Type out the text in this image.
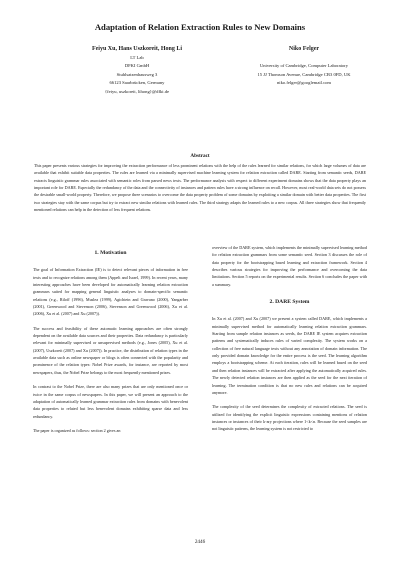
Adaptation of Relation Extraction Rules to New Domains
Feiyu Xu, Hans Uszkoreit, Hong Li
LT Lab
DFKI GmbH
Stuhlsatzenhausweg 3
66123 Saarbrücken, Germany
{feiyu, uszkoreit, lihong}@dfki.de
Niko Felger
University of Cambridge, Computer Laboratory
15 JJ Thomson Avenue, Cambridge CB3 0FD, UK
niko.felger@googlemail.com
Abstract
This paper presents various strategies for improving the extraction performance of less prominent relations with the help of the rules learned for similar relations, for which large volumes of data are available that exhibit suitable data properties. The rules are learned via a minimally supervised machine learning system for relation extraction called DARE. Starting from semantic seeds, DARE extracts linguistic grammar rules associated with semantic roles from parsed news texts. The performance analysis with respect to different experiment domains shows that the data property plays an important role for DARE. Especially the redundancy of the data and the connectivity of instances and pattern rules have a strong influence on recall. However, most real-world data sets do not possess the desirable small-world property. Therefore, we propose three scenarios to overcome the data property problem of some domains by exploiting a similar domain with better data properties. The first two strategies stay with the same corpus but try to extract new similar relations with learned rules. The third strategy adapts the learned rules to a new corpus. All three strategies show that frequently mentioned relations can help in the detection of less frequent relations.
1. Motivation

The goal of Information Extraction (IE) is to detect relevant pieces of information in free texts and to recognize relations among them (Appelt and Israel, 1999). In recent years, many interesting approaches have been developed for automatically learning relation extraction grammars suited for mapping general linguistic analyses to domain-specific semantic relations (e.g., Riloff (1996), Muslea (1999), Agichtein and Gravano (2000), Yangarber (2001), Greenwood and Stevenson (2006), Stevenson and Greenwood (2006), Xu et al. (2006), Xu et al. (2007) and Xu (2007)).

The success and feasibility of these automatic learning approaches are often strongly dependent on the available data sources and their properties. Data redundancy is particularly relevant for minimally supervised or unsupervised methods (e.g., Jones (2005), Xu et al. (2007), Uszkoreit (2007) and Xu (2007)). In practice, the distribution of relation types in the available data such as online newspaper or blogs is often connected with the popularity and prominence of the relation types: Nobel Prize awards, for instance, are reported by most newspapers, thus, the Nobel Prize belongs to the most frequently mentioned prizes.

In contrast to the Nobel Prize, there are also many prizes that are only mentioned once or twice in the same corpus of newspapers. In this paper, we will present an approach to the adaptation of automatically learned grammar extraction rules from domains with benevolent data properties to related but less benevolent domains exhibiting sparse data and less redundancy.

The paper is organized as follows: section 2 gives an

overview of the DARE system, which implements the minimally supervised learning method for relation extraction grammars from some semantic seed. Section 3 discusses the role of data property for the bootstrapping based learning and extraction framework. Section 4 describes various strategies for improving the performance and overcoming the data limitations. Section 5 reports on the experimental results. Section 6 concludes the paper with a summary.

2. DARE System

In Xu et al. (2007) and Xu (2007) we present a system called DARE, which implements a minimally supervised method for automatically learning relation extraction grammars. Starting from sample relation instances as seeds, the DARE IE system acquires extraction patterns and systematically induces rules of varied complexity. The system works on a collection of free natural language texts without any annotation of domain information. The only provided domain knowledge for the entire process is the seed. The learning algorithm employs a bootstrapping scheme. At each iteration, rules will be learned based on the seed and then relation instances will be extracted after applying the automatically acquired rules. The newly detected relation instances are then applied as the seed for the next iteration of learning. The termination condition is that no new rules and relations can be acquired anymore.

The complexity of the seed determines the complexity of extracted relations. The seed is utilized for identifying the explicit linguistic expressions containing mentions of relation instances or instances of their k-ary projections where 1<k<n. Because the seed samples are not linguistic patterns, the learning system is not restricted to

2446
